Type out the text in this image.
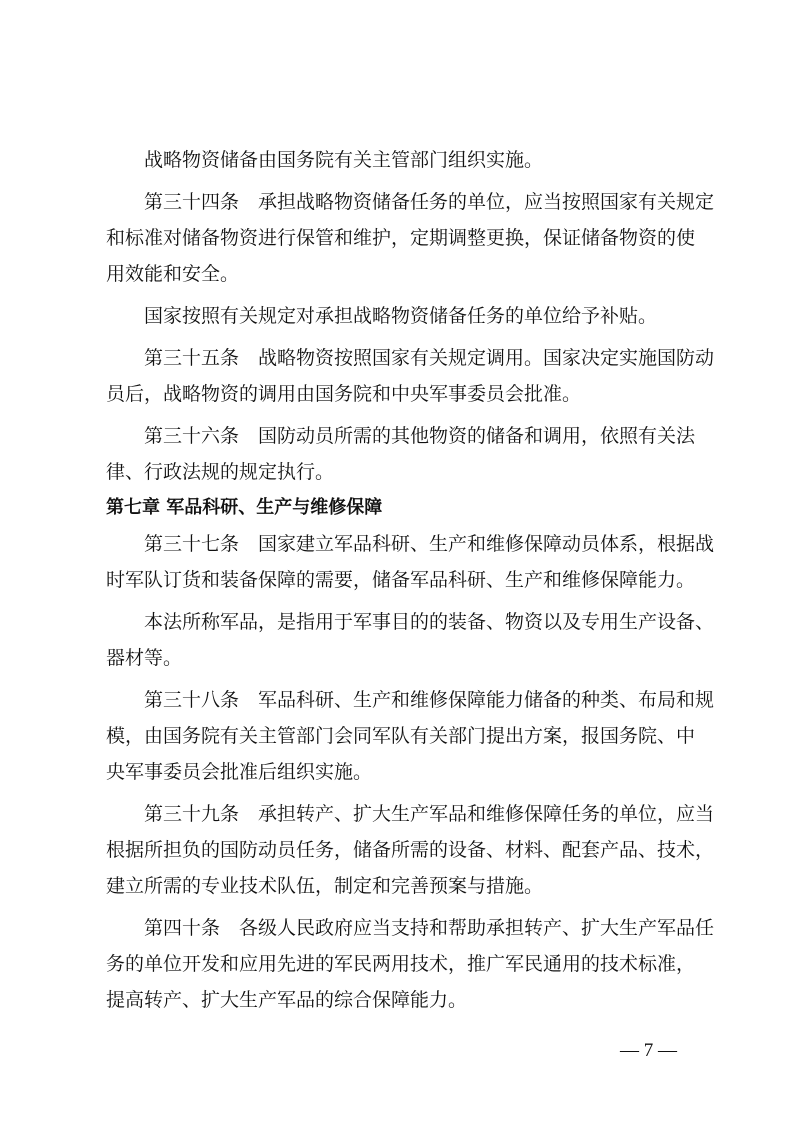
战略物资储备由国务院有关主管部门组织实施。
第三十四条 承担战略物资储备任务的单位，应当按照国家有关规定
和标准对储备物资进行保管和维护，定期调整更换，保证储备物资的使
用效能和安全。
国家按照有关规定对承担战略物资储备任务的单位给予补贴。
第三十五条 战略物资按照国家有关规定调用。国家决定实施国防动
员后，战略物资的调用由国务院和中央军事委员会批准。
第三十六条 国防动员所需的其他物资的储备和调用，依照有关法
律、行政法规的规定执行。
第七章 军品科研、生产与维修保障
第三十七条 国家建立军品科研、生产和维修保障动员体系，根据战
时军队订货和装备保障的需要，储备军品科研、生产和维修保障能力。
本法所称军品，是指用于军事目的的装备、物资以及专用生产设备、
器材等。
第三十八条 军品科研、生产和维修保障能力储备的种类、布局和规
模，由国务院有关主管部门会同军队有关部门提出方案，报国务院、中
央军事委员会批准后组织实施。
第三十九条 承担转产、扩大生产军品和维修保障任务的单位，应当
根据所担负的国防动员任务，储备所需的设备、材料、配套产品、技术，
建立所需的专业技术队伍，制定和完善预案与措施。
第四十条 各级人民政府应当支持和帮助承担转产、扩大生产军品任
务的单位开发和应用先进的军民两用技术，推广军民通用的技术标准，
提高转产、扩大生产军品的综合保障能力。
— 7 —
